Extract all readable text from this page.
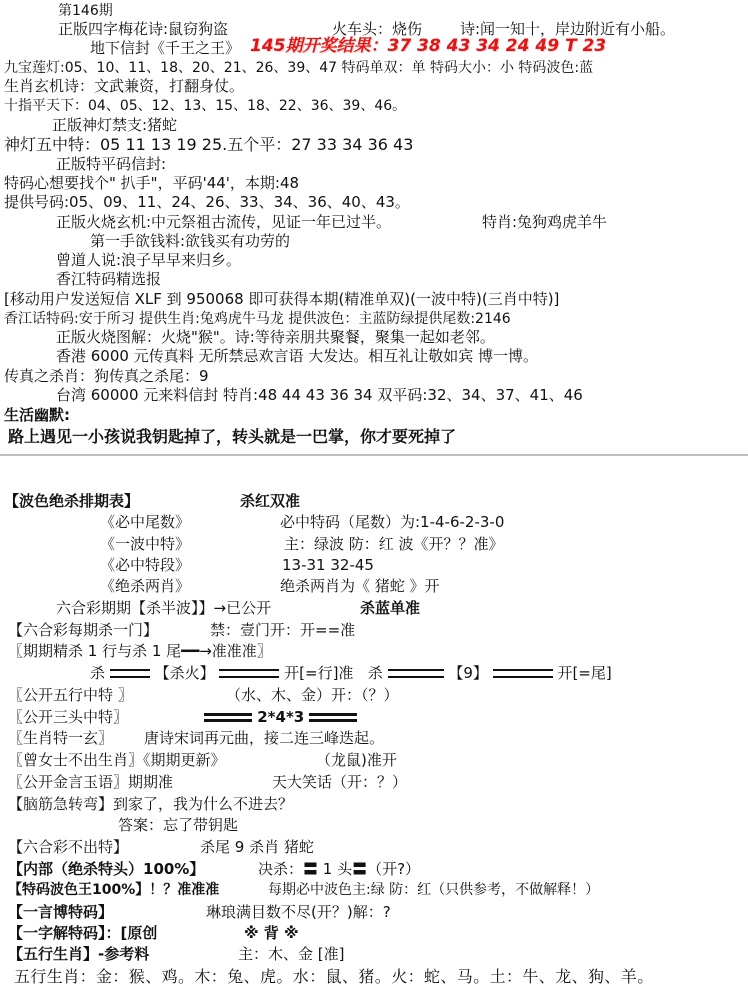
第146期
正版四字梅花诗:鼠窃狗盗	火车头：烧伤	诗:闻一知十，岸边附近有小船。
地下信封《千王之王》 145期开奖结果：37 38 43 34 24 49 T 23
九宝莲灯:05、10、11、18、20、21、26、39、47 特码单双：单 特码大小：小 特码波色:蓝
生肖玄机诗：文武兼资，打翻身仗。
十指平天下：04、05、12、13、15、18、22、36、39、46。
正版神灯禁支:猪蛇
神灯五中特：05 11 13 19 25.五个平：27 33 34 36 43
正版特平码信封:
特码心想要找个" 扒手"，平码'44'，本期:48
提供号码:05、09、11、24、26、33、34、36、40、43。
正版火烧玄机:中元祭祖古流传，见证一年已过半。	特肖:兔狗鸡虎羊牛
第一手欲钱料:欲钱买有功劳的
曾道人说:浪子早早来归乡。
香江特码精选报
[移动用户发送短信 XLF 到 950068 即可获得本期(精准单双)(一波中特)(三肖中特)]
香江话特码:安于所习 提供生肖:兔鸡虎牛马龙 提供波色：主蓝防绿提供尾数:2146
正版火烧图解：火烧"猴"。诗:等待亲朋共聚餐，聚集一起如老邻。
香港 6000 元传真料 无所禁忌欢言语 大发达。相互礼让敬如宾 博一博。
传真之杀肖：狗传真之杀尾：9
台湾 60000 元来料信封 特肖:48 44 43 36 34 双平码:32、34、37、41、46
生活幽默:
路上遇见一小孩说我钥匙掉了，转头就是一巴掌，你才要死掉了
【波色绝杀排期表】	杀红双准
《必中尾数》	必中特码（尾数）为:1-4-6-2-3-0
《一波中特》	主：绿波 防：红 波《开？？准》
《必中特段》	13-31 32-45
《绝杀两肖》	绝杀两肖为《 猪蛇 》开
六合彩期期【杀半波】】→已公开	杀蓝单准
【六合彩每期杀一门】	禁：壹门开：开==准
〖期期精杀 1 行与杀 1 尾━━→准准准〗
杀	【杀火】	开[=行]准 杀	【9】	开[=尾]
〖公开五行中特 〗	（水、木、金）开：（？）
〖公开三头中特〗	2*4*3
〖生肖特一玄〗 唐诗宋词再元曲，接二连三峰迭起。
〖曾女士不出生肖〗《期期更新》	（龙鼠)准开
〖公开金言玉语〗期期准	天大笑话（开：？）
【脑筋急转弯】到家了，我为什么不进去？
答案：忘了带钥匙
【六合彩不出特】	杀尾 9 杀肖 猪蛇
【内部（绝杀特头）100%】	决杀：〓 1 头〓（开?）
【特码波色王100%】！？准准准	每期必中波色主:绿 防：红（只供参考，不做解释！）
【一言博特码】	琳琅满目数不尽(开？)解：?
【一字解特码】：[原创	※ 背 ※
【五行生肖】-参考料	主：木、金 [准]
五行生肖：金：猴、鸡。木：兔、虎。水：鼠、猪。火：蛇、马。土：牛、龙、狗、羊。
